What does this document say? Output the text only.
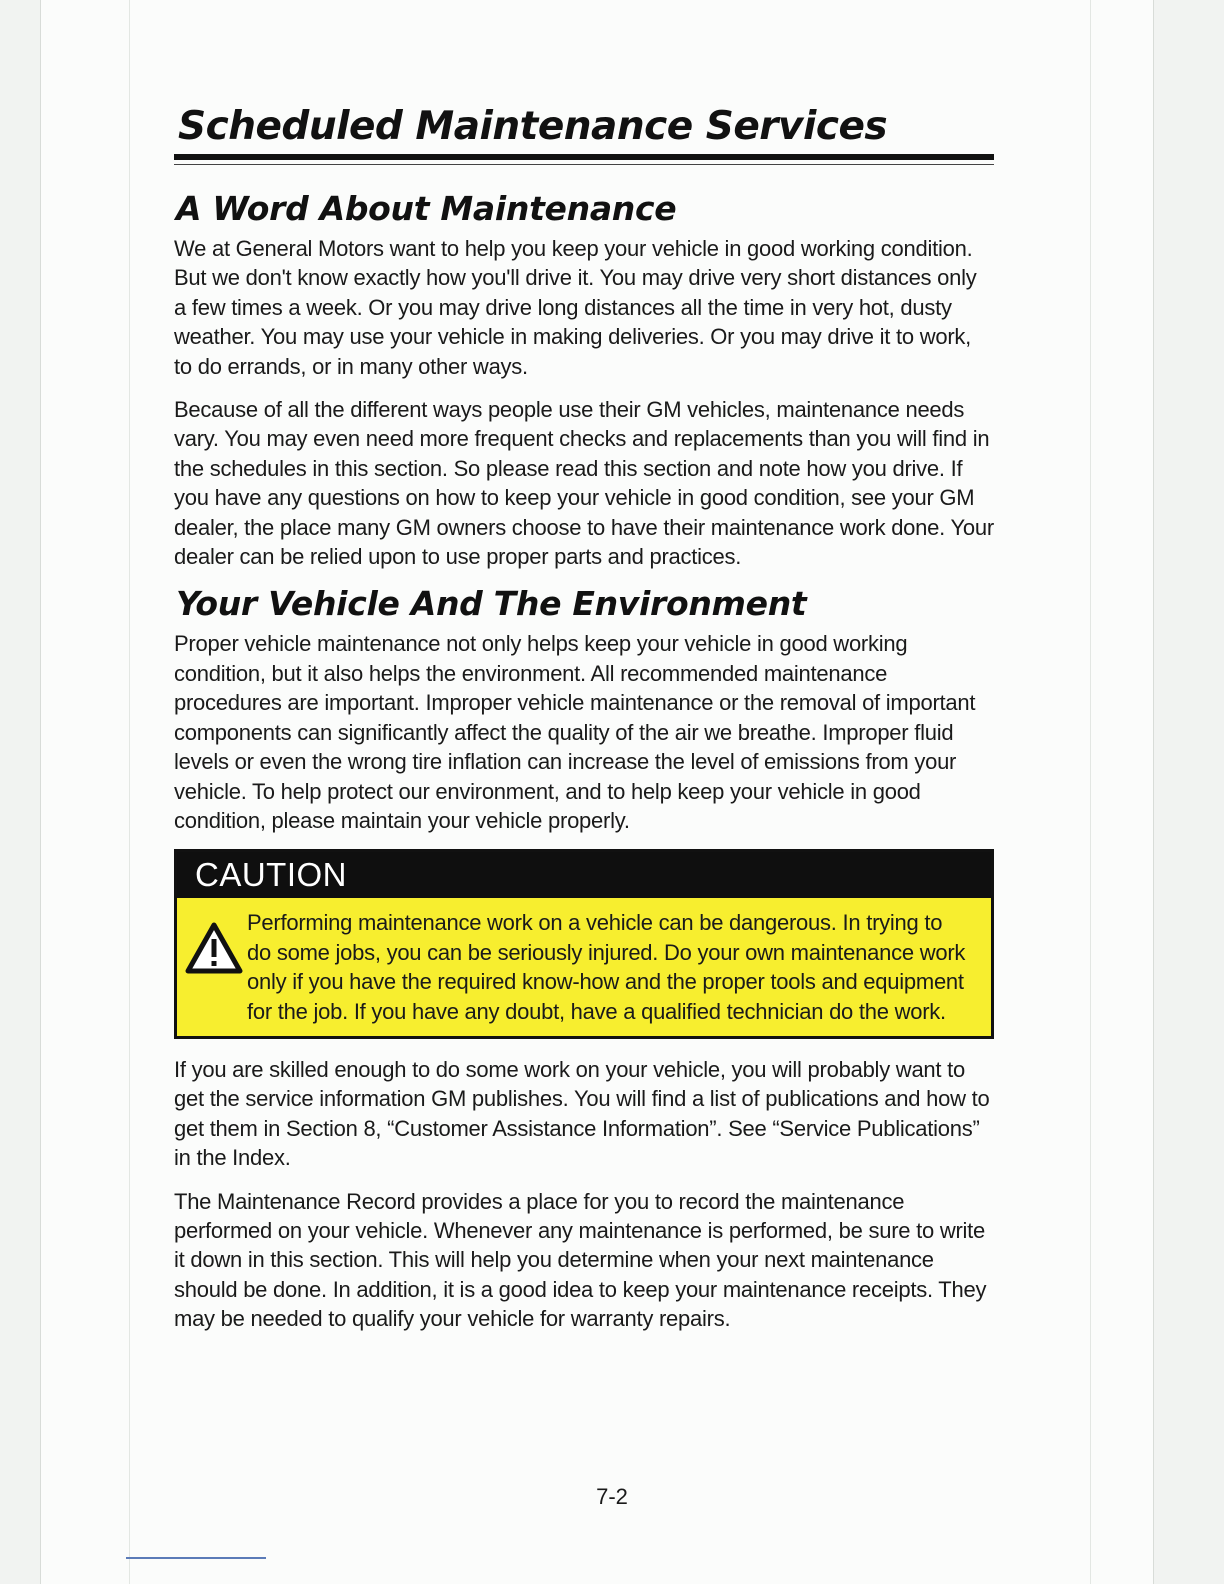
Scheduled Maintenance Services
A Word About Maintenance

We at General Motors want to help you keep your vehicle in good working condition. But we don't know exactly how you'll drive it. You may drive very short distances only a few times a week. Or you may drive long distances all the time in very hot, dusty weather. You may use your vehicle in making deliveries. Or you may drive it to work, to do errands, or in many other ways.

Because of all the different ways people use their GM vehicles, maintenance needs vary. You may even need more frequent checks and replacements than you will find in the schedules in this section. So please read this section and note how you drive. If you have any questions on how to keep your vehicle in good condition, see your GM dealer, the place many GM owners choose to have their maintenance work done. Your dealer can be relied upon to use proper parts and practices.

Your Vehicle And The Environment

Proper vehicle maintenance not only helps keep your vehicle in good working condition, but it also helps the environment. All recommended maintenance procedures are important. Improper vehicle maintenance or the removal of important components can significantly affect the quality of the air we breathe. Improper fluid levels or even the wrong tire inflation can increase the level of emissions from your vehicle. To help protect our environment, and to help keep your vehicle in good condition, please maintain your vehicle properly.

CAUTION

Performing maintenance work on a vehicle can be dangerous. In trying to do some jobs, you can be seriously injured. Do your own maintenance work only if you have the required know-how and the proper tools and equipment for the job. If you have any doubt, have a qualified technician do the work.

If you are skilled enough to do some work on your vehicle, you will probably want to get the service information GM publishes. You will find a list of publications and how to get them in Section 8, “Customer Assistance Information”. See “Service Publications” in the Index.

The Maintenance Record provides a place for you to record the maintenance performed on your vehicle. Whenever any maintenance is performed, be sure to write it down in this section. This will help you determine when your next maintenance should be done. In addition, it is a good idea to keep your maintenance receipts. They may be needed to qualify your vehicle for warranty repairs.

7-2
